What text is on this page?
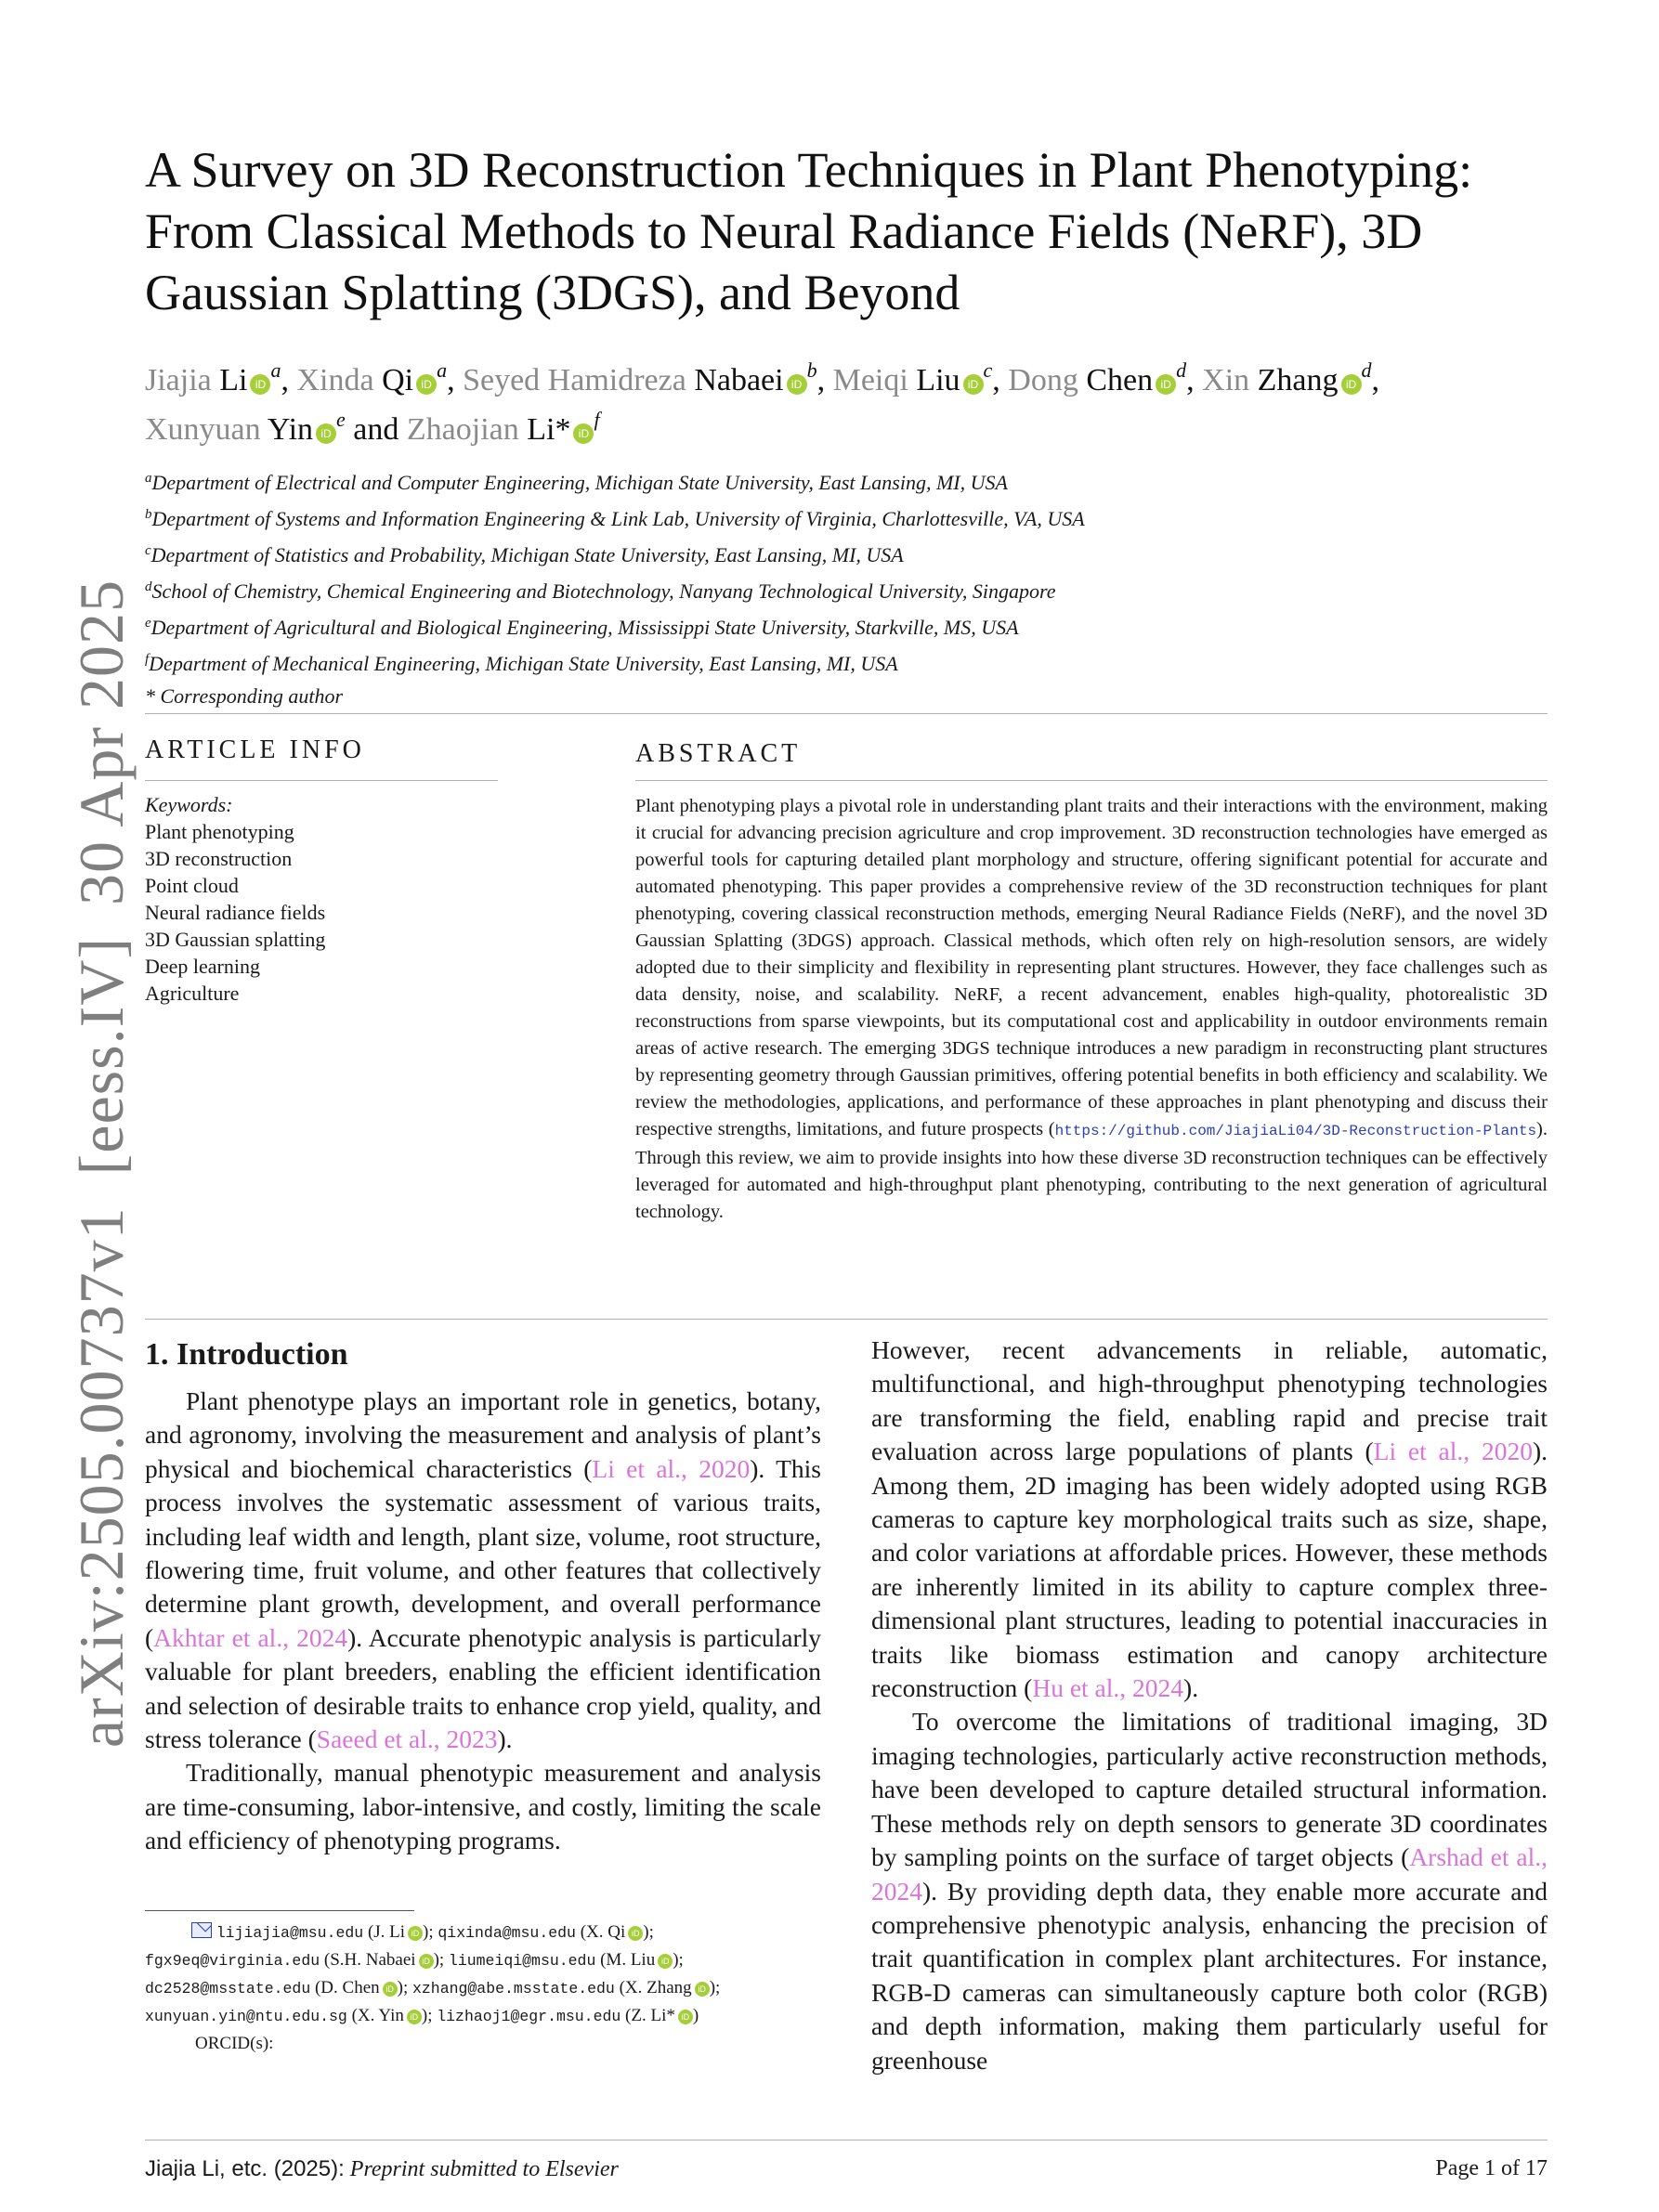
arXiv:2505.00737v1[eess.IV]30 Apr 2025
A Survey on 3D Reconstruction Techniques in Plant Phenotyping: From Classical Methods to Neural Radiance Fields (NeRF), 3D Gaussian Splatting (3DGS), and Beyond
Jiajia Li $iD^a$, Xinda Qi $iD^a$, Seyed Hamidreza Nabaei $iD^b$, Meiqi Liu $iD^c$, Dong Chen $iD^d$, Xin Zhang $iD^d$,
Xunyuan Yin $iD^e$ and Zhaojian Li* $iD^f$
$^a$Department of Electrical and Computer Engineering, Michigan State University, East Lansing, MI, USA
$^b$Department of Systems and Information Engineering & Link Lab, University of Virginia, Charlottesville, VA, USA
$^c$Department of Statistics and Probability, Michigan State University, East Lansing, MI, USA
$^d$School of Chemistry, Chemical Engineering and Biotechnology, Nanyang Technological University, Singapore
$^e$Department of Agricultural and Biological Engineering, Mississippi State University, Starkville, MS, USA
$^f$Department of Mechanical Engineering, Michigan State University, East Lansing, MI, USA
* Corresponding author
ARTICLE INFO
Keywords:
Plant phenotyping
3D reconstruction
Point cloud
Neural radiance fields
3D Gaussian splatting
Deep learning
Agriculture
ABSTRACT
Plant phenotyping plays a pivotal role in understanding plant traits and their interactions with the environment, making it crucial for advancing precision agriculture and crop improvement. 3D reconstruction technologies have emerged as powerful tools for capturing detailed plant morphology and structure, offering significant potential for accurate and automated phenotyping. This paper provides a comprehensive review of the 3D reconstruction techniques for plant phenotyping, covering classical reconstruction methods, emerging Neural Radiance Fields (NeRF), and the novel 3D Gaussian Splatting (3DGS) approach. Classical methods, which often rely on high-resolution sensors, are widely adopted due to their simplicity and flexibility in representing plant structures. However, they face challenges such as data density, noise, and scalability. NeRF, a recent advancement, enables high-quality, photorealistic 3D reconstructions from sparse viewpoints, but its computational cost and applicability in outdoor environments remain areas of active research. The emerging 3DGS technique introduces a new paradigm in reconstructing plant structures by representing geometry through Gaussian primitives, offering potential benefits in both efficiency and scalability. We review the methodologies, applications, and performance of these approaches in plant phenotyping and discuss their respective strengths, limitations, and future prospects (https://github.com/JiajiaLi04/3D-Reconstruction-Plants). Through this review, we aim to provide insights into how these diverse 3D reconstruction techniques can be effectively leveraged for automated and high-throughput plant phenotyping, contributing to the next generation of agricultural technology.
1. Introduction

Plant phenotype plays an important role in genetics, botany, and agronomy, involving the measurement and analysis of plant’s physical and biochemical characteristics (Li et al., 2020). This process involves the systematic assessment of various traits, including leaf width and length, plant size, volume, root structure, flowering time, fruit volume, and other features that collectively determine plant growth, development, and overall performance (Akhtar et al., 2024). Accurate phenotypic analysis is particularly valuable for plant breeders, enabling the efficient identification and selection of desirable traits to enhance crop yield, quality, and stress tolerance (Saeed et al., 2023).

Traditionally, manual phenotypic measurement and analysis are time-consuming, labor-intensive, and costly, limiting the scale and efficiency of phenotyping programs.

lijiajia@msu.edu (J. Li iD ); qixinda@msu.edu (X. Qi iD );
fgx9eq@virginia.edu (S.H. Nabaei iD ); liumeiqi@msu.edu (M. Liu iD );
dc2528@msstate.edu (D. Chen iD ); xzhang@abe.msstate.edu (X. Zhang iD );
xunyuan.yin@ntu.edu.sg (X. Yin iD ); lizhaoj1@egr.msu.edu (Z. Li* iD )
ORCID(s):

However, recent advancements in reliable, automatic, multifunctional, and high-throughput phenotyping technologies are transforming the field, enabling rapid and precise trait evaluation across large populations of plants (Li et al., 2020). Among them, 2D imaging has been widely adopted using RGB cameras to capture key morphological traits such as size, shape, and color variations at affordable prices. However, these methods are inherently limited in its ability to capture complex three-dimensional plant structures, leading to potential inaccuracies in traits like biomass estimation and canopy architecture reconstruction (Hu et al., 2024).

To overcome the limitations of traditional imaging, 3D imaging technologies, particularly active reconstruction methods, have been developed to capture detailed structural information. These methods rely on depth sensors to generate 3D coordinates by sampling points on the surface of target objects (Arshad et al., 2024). By providing depth data, they enable more accurate and comprehensive phenotypic analysis, enhancing the precision of trait quantification in complex plant architectures. For instance, RGB-D cameras can simultaneously capture both color (RGB) and depth information, making them particularly useful for greenhouse

Jiajia Li, etc. (2025): Preprint submitted to Elsevier	Page 1 of 17
